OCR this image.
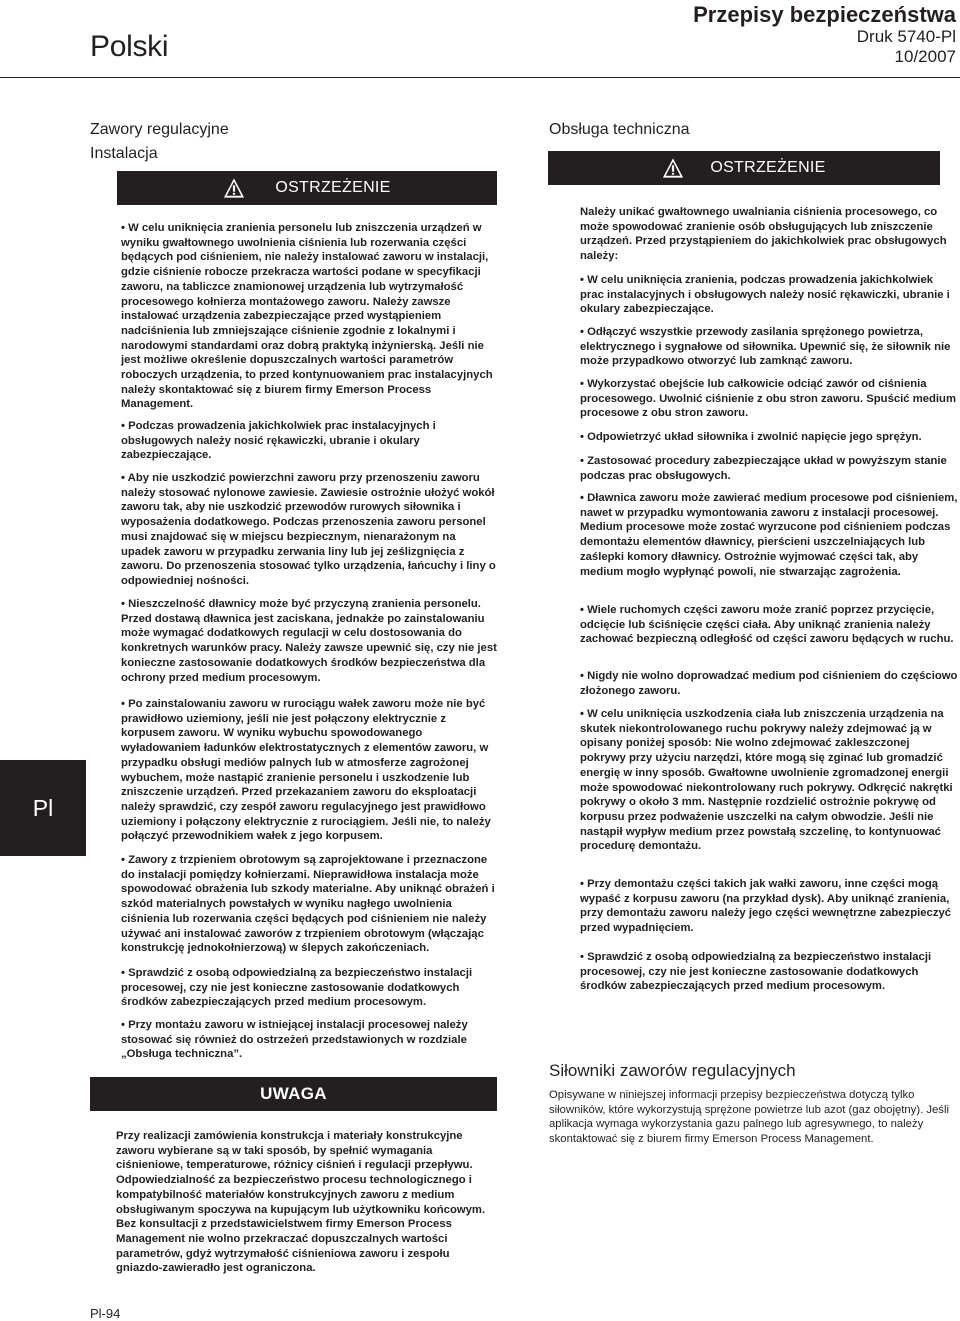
Polski
Przepisy bezpieczeństwa
Druk 5740-Pl
10/2007
Pl
Zawory regulacyjne
Instalacja
OSTRZEŻENIE
• W celu uniknięcia zranienia personelu lub zniszczenia urządzeń w wyniku gwałtownego uwolnienia ciśnienia lub rozerwania części będących pod ciśnieniem, nie należy instalować zaworu w instalacji, gdzie ciśnienie robocze przekracza wartości podane w specyfikacji zaworu, na tabliczce znamionowej urządzenia lub wytrzymałość procesowego kołnierza montażowego zaworu. Należy zawsze instalować urządzenia zabezpieczające przed wystąpieniem nadciśnienia lub zmniejszające ciśnienie zgodnie z lokalnymi i narodowymi standardami oraz dobrą praktyką inżynierską. Jeśli nie jest możliwe określenie dopuszczalnych wartości parametrów roboczych urządzenia, to przed kontynuowaniem prac instalacyjnych należy skontaktować się z biurem firmy Emerson Process Management.
• Podczas prowadzenia jakichkolwiek prac instalacyjnych i obsługowych należy nosić rękawiczki, ubranie i okulary zabezpieczające.
• Aby nie uszkodzić powierzchni zaworu przy przenoszeniu zaworu należy stosować nylonowe zawiesie. Zawiesie ostrożnie ułożyć wokół zaworu tak, aby nie uszkodzić przewodów rurowych siłownika i wyposażenia dodatkowego. Podczas przenoszenia zaworu personel musi znajdować się w miejscu bezpiecznym, nienarażonym na upadek zaworu w przypadku zerwania liny lub jej ześlizgnięcia z zaworu. Do przenoszenia stosować tylko urządzenia, łańcuchy i liny o odpowiedniej nośności.
• Nieszczelność dławnicy może być przyczyną zranienia personelu. Przed dostawą dławnica jest zaciskana, jednakże po zainstalowaniu może wymagać dodatkowych regulacji w celu dostosowania do konkretnych warunków pracy. Należy zawsze upewnić się, czy nie jest konieczne zastosowanie dodatkowych środków bezpieczeństwa dla ochrony przed medium procesowym.
• Po zainstalowaniu zaworu w rurociągu wałek zaworu może nie być prawidłowo uziemiony, jeśli nie jest połączony elektrycznie z korpusem zaworu. W wyniku wybuchu spowodowanego wyładowaniem ładunków elektrostatycznych z elementów zaworu, w przypadku obsługi mediów palnych lub w atmosferze zagrożonej wybuchem, może nastąpić zranienie personelu i uszkodzenie lub zniszczenie urządzeń. Przed przekazaniem zaworu do eksploatacji należy sprawdzić, czy zespół zaworu regulacyjnego jest prawidłowo uziemiony i połączony elektrycznie z rurociągiem. Jeśli nie, to należy połączyć przewodnikiem wałek z jego korpusem.
• Zawory z trzpieniem obrotowym są zaprojektowane i przeznaczone do instalacji pomiędzy kołnierzami. Nieprawidłowa instalacja może spowodować obrażenia lub szkody materialne. Aby uniknąć obrażeń i szkód materialnych powstałych w wyniku nagłego uwolnienia ciśnienia lub rozerwania części będących pod ciśnieniem nie należy używać ani instalować zaworów z trzpieniem obrotowym (włączając konstrukcję jednokołnierzową) w ślepych zakończeniach.
• Sprawdzić z osobą odpowiedzialną za bezpieczeństwo instalacji procesowej, czy nie jest konieczne zastosowanie dodatkowych środków zabezpieczających przed medium procesowym.
• Przy montażu zaworu w istniejącej instalacji procesowej należy stosować się również do ostrzeżeń przedstawionych w rozdziale „Obsługa techniczna”.
UWAGA
Przy realizacji zamówienia konstrukcja i materiały konstrukcyjne zaworu wybierane są w taki sposób, by spełnić wymagania ciśnieniowe, temperaturowe, różnicy ciśnień i regulacji przepływu. Odpowiedzialność za bezpieczeństwo procesu technologicznego i kompatybilność materiałów konstrukcyjnych zaworu z medium obsługiwanym spoczywa na kupującym lub użytkowniku końcowym. Bez konsultacji z przedstawicielstwem firmy Emerson Process Management nie wolno przekraczać dopuszczalnych wartości parametrów, gdyż wytrzymałość ciśnieniowa zaworu i zespołu gniazdo-zawieradło jest ograniczona.
Obsługa techniczna
OSTRZEŻENIE
Należy unikać gwałtownego uwalniania ciśnienia procesowego, co może spowodować zranienie osób obsługujących lub zniszczenie urządzeń. Przed przystąpieniem do jakichkolwiek prac obsługowych należy:
• W celu uniknięcia zranienia, podczas prowadzenia jakichkolwiek prac instalacyjnych i obsługowych należy nosić rękawiczki, ubranie i okulary zabezpieczające.
• Odłączyć wszystkie przewody zasilania sprężonego powietrza, elektrycznego i sygnałowe od siłownika. Upewnić się, że siłownik nie może przypadkowo otworzyć lub zamknąć zaworu.
• Wykorzystać obejście lub całkowicie odciąć zawór od ciśnienia procesowego. Uwolnić ciśnienie z obu stron zaworu. Spuścić medium procesowe z obu stron zaworu.
• Odpowietrzyć układ siłownika i zwolnić napięcie jego sprężyn.
• Zastosować procedury zabezpieczające układ w powyższym stanie podczas prac obsługowych.
• Dławnica zaworu może zawierać medium procesowe pod ciśnieniem, nawet w przypadku wymontowania zaworu z instalacji procesowej. Medium procesowe może zostać wyrzucone pod ciśnieniem podczas demontażu elementów dławnicy, pierścieni uszczelniających lub zaślepki komory dławnicy. Ostrożnie wyjmować części tak, aby medium mogło wypłynąć powoli, nie stwarzając zagrożenia.
• Wiele ruchomych części zaworu może zranić poprzez przycięcie, odcięcie lub ściśnięcie części ciała. Aby uniknąć zranienia należy zachować bezpieczną odległość od części zaworu będących w ruchu.
• Nigdy nie wolno doprowadzać medium pod ciśnieniem do częściowo złożonego zaworu.
• W celu uniknięcia uszkodzenia ciała lub zniszczenia urządzenia na skutek niekontrolowanego ruchu pokrywy należy zdejmować ją w opisany poniżej sposób: Nie wolno zdejmować zakleszczonej pokrywy przy użyciu narzędzi, które mogą się zginać lub gromadzić energię w inny sposób. Gwałtowne uwolnienie zgromadzonej energii może spowodować niekontrolowany ruch pokrywy. Odkręcić nakrętki pokrywy o około 3 mm. Następnie rozdzielić ostrożnie pokrywę od korpusu przez podważenie uszczelki na całym obwodzie. Jeśli nie nastąpił wypływ medium przez powstałą szczelinę, to kontynuować procedurę demontażu.
• Przy demontażu części takich jak wałki zaworu, inne części mogą wypaść z korpusu zaworu (na przykład dysk). Aby uniknąć zranienia, przy demontażu zaworu należy jego części wewnętrzne zabezpieczyć przed wypadnięciem.
• Sprawdzić z osobą odpowiedzialną za bezpieczeństwo instalacji procesowej, czy nie jest konieczne zastosowanie dodatkowych środków zabezpieczających przed medium procesowym.
Siłowniki zaworów regulacyjnych
Opisywane w niniejszej informacji przepisy bezpieczeństwa dotyczą tylko siłowników, które wykorzystują sprężone powietrze lub azot (gaz obojętny). Jeśli aplikacja wymaga wykorzystania gazu palnego lub agresywnego, to należy skontaktować się z biurem firmy Emerson Process Management.
Pl-94
